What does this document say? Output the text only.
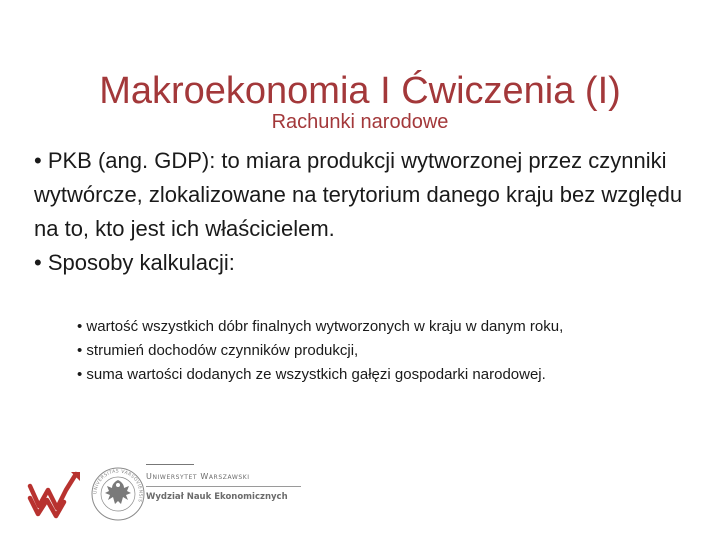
Makroekonomia I Ćwiczenia (I)
Rachunki narodowe

• PKB (ang. GDP): to miara produkcji wytworzonej przez czynniki wytwórcze, zlokalizowane na terytorium danego kraju bez względu na to, kto jest ich właścicielem.

• Sposoby kalkulacji:

• wartość wszystkich dóbr finalnych wytworzonych w kraju w danym roku,
• strumień dochodów czynników produkcji,
• suma wartości dodanych ze wszystkich gałęzi gospodarki narodowej.
UNIVERSITAS VARSOVIENSIS
Uniwersytet Warszawski
Wydział Nauk Ekonomicznych
